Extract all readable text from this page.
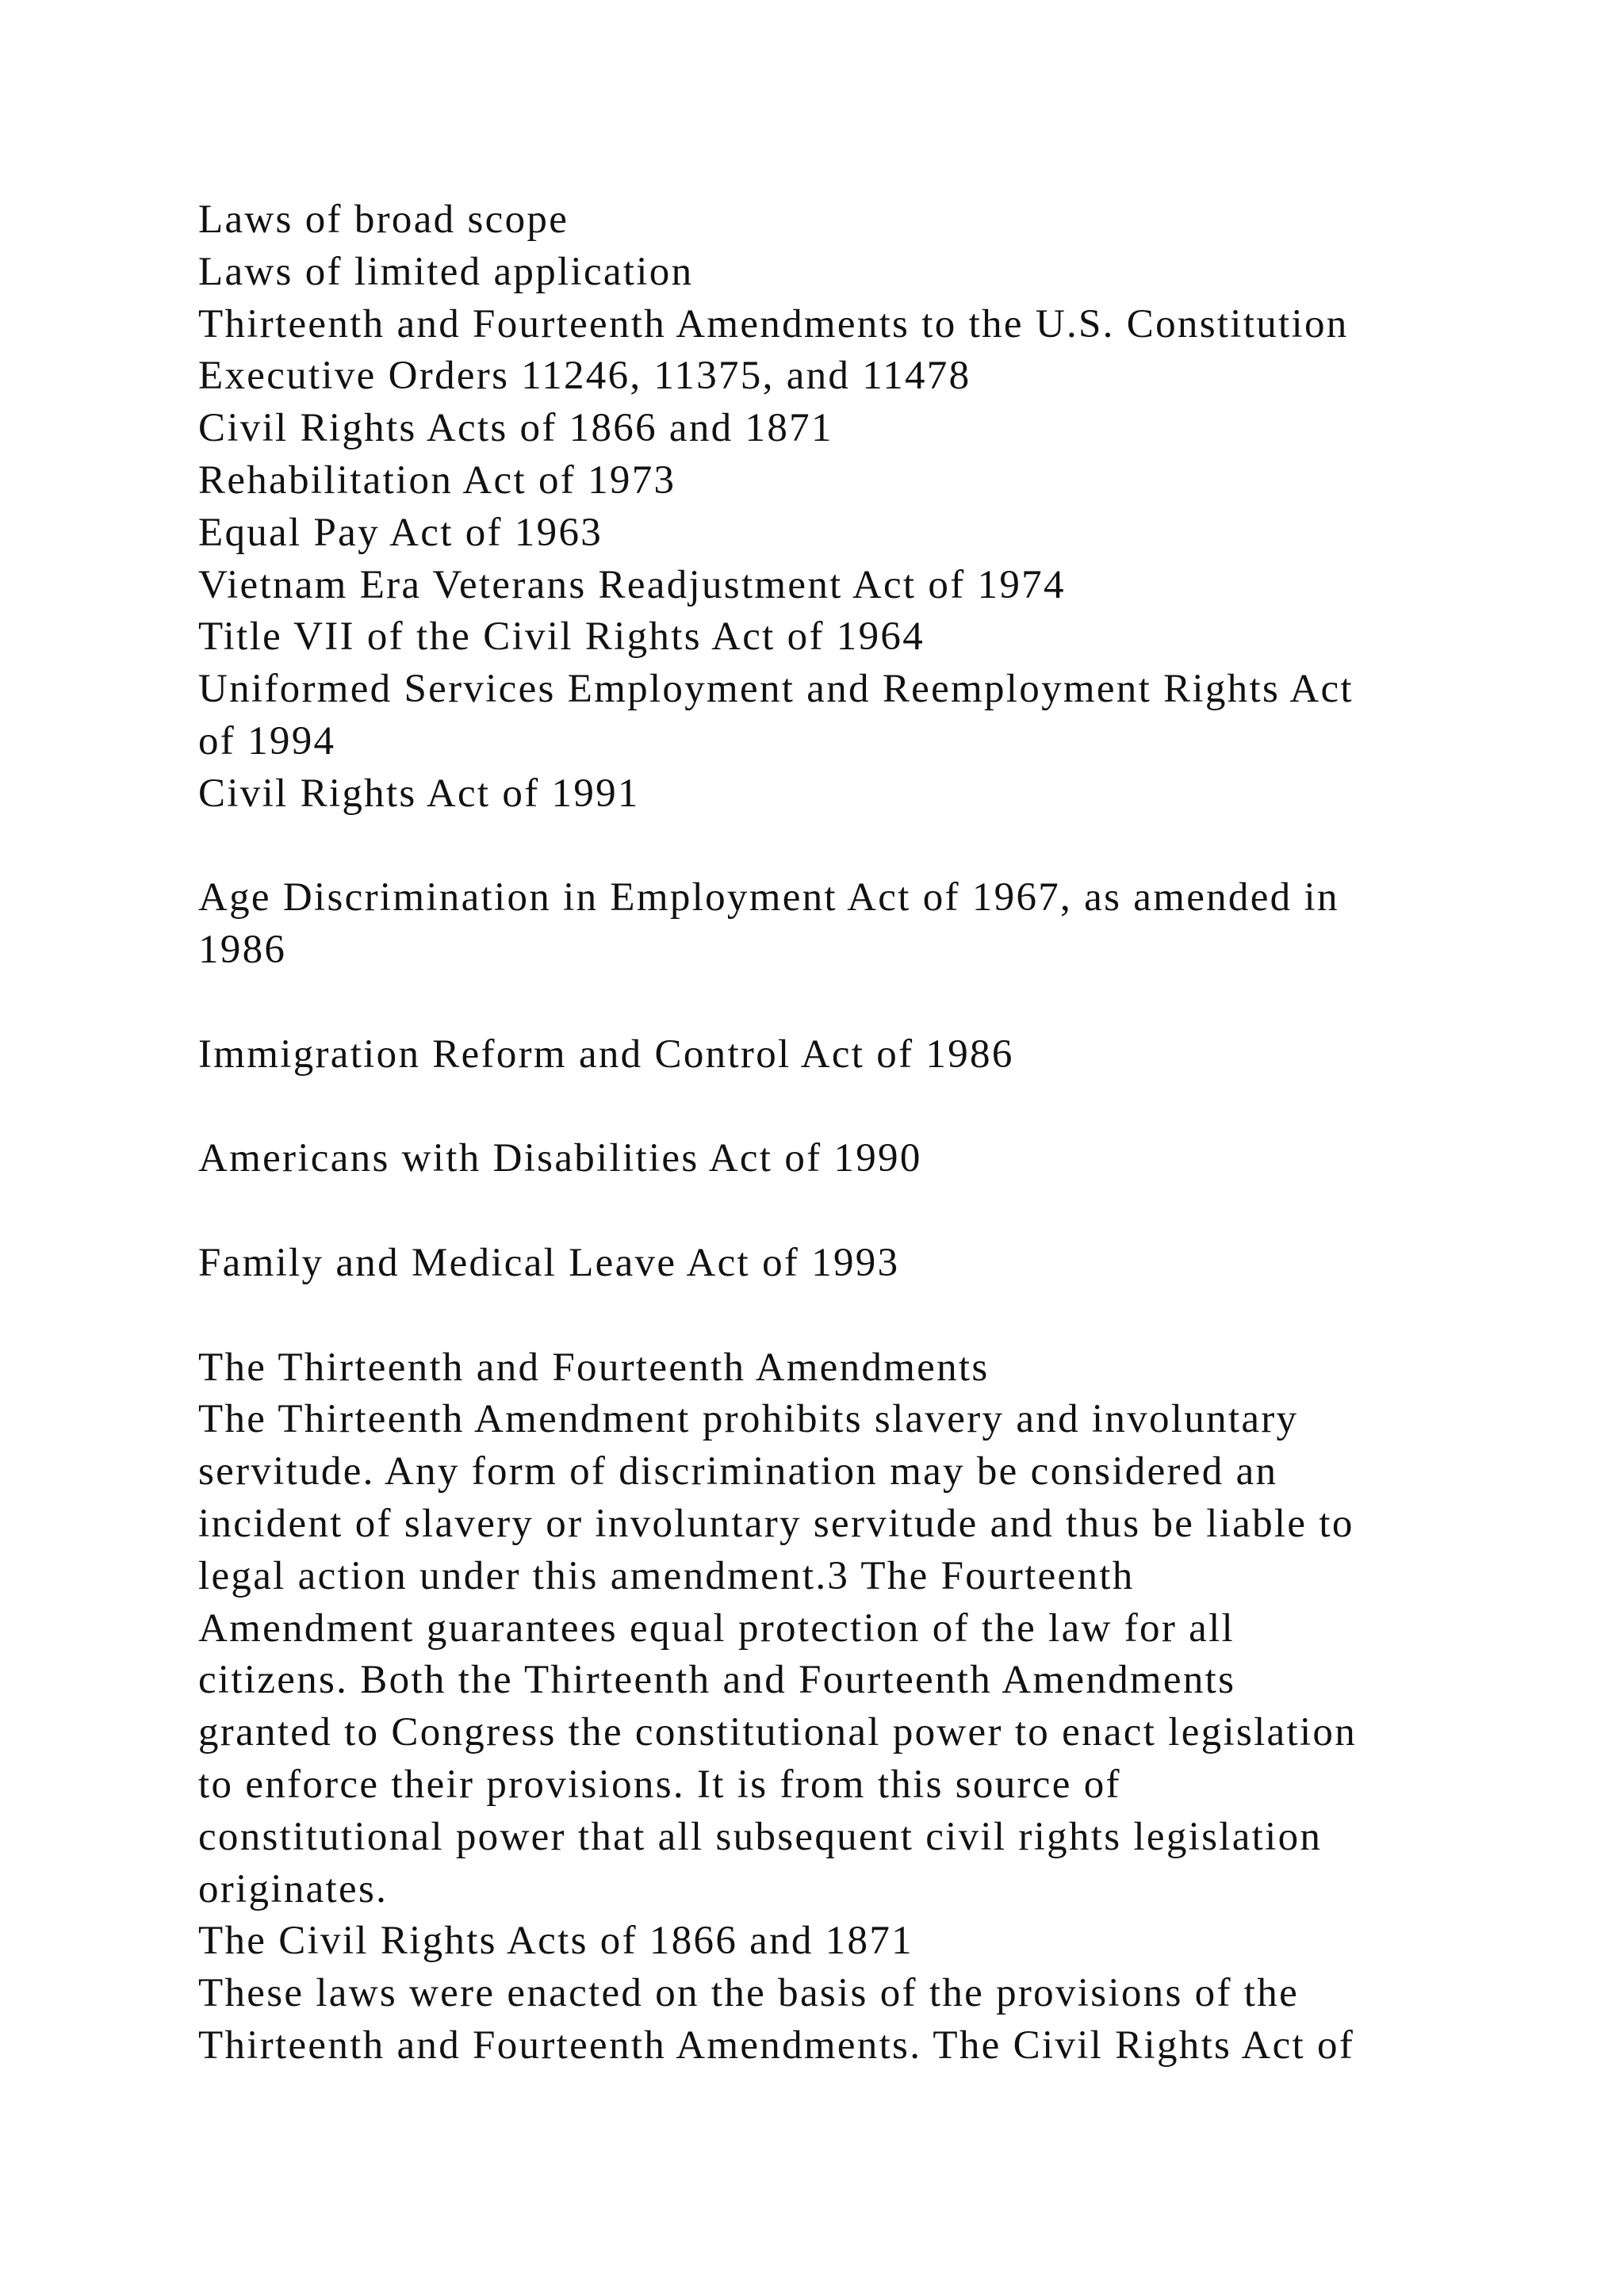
Laws of broad scope
Laws of limited application
Thirteenth and Fourteenth Amendments to the U.S. Constitution
Executive Orders 11246, 11375, and 11478
Civil Rights Acts of 1866 and 1871
Rehabilitation Act of 1973
Equal Pay Act of 1963
Vietnam Era Veterans Readjustment Act of 1974
Title VII of the Civil Rights Act of 1964
Uniformed Services Employment and Reemployment Rights Act
of 1994
Civil Rights Act of 1991
Age Discrimination in Employment Act of 1967, as amended in
1986
Immigration Reform and Control Act of 1986
Americans with Disabilities Act of 1990
Family and Medical Leave Act of 1993
The Thirteenth and Fourteenth Amendments
The Thirteenth Amendment prohibits slavery and involuntary
servitude. Any form of discrimination may be considered an
incident of slavery or involuntary servitude and thus be liable to
legal action under this amendment.3 The Fourteenth
Amendment guarantees equal protection of the law for all
citizens. Both the Thirteenth and Fourteenth Amendments
granted to Congress the constitutional power to enact legislation
to enforce their provisions. It is from this source of
constitutional power that all subsequent civil rights legislation
originates.
The Civil Rights Acts of 1866 and 1871
These laws were enacted on the basis of the provisions of the
Thirteenth and Fourteenth Amendments. The Civil Rights Act of
